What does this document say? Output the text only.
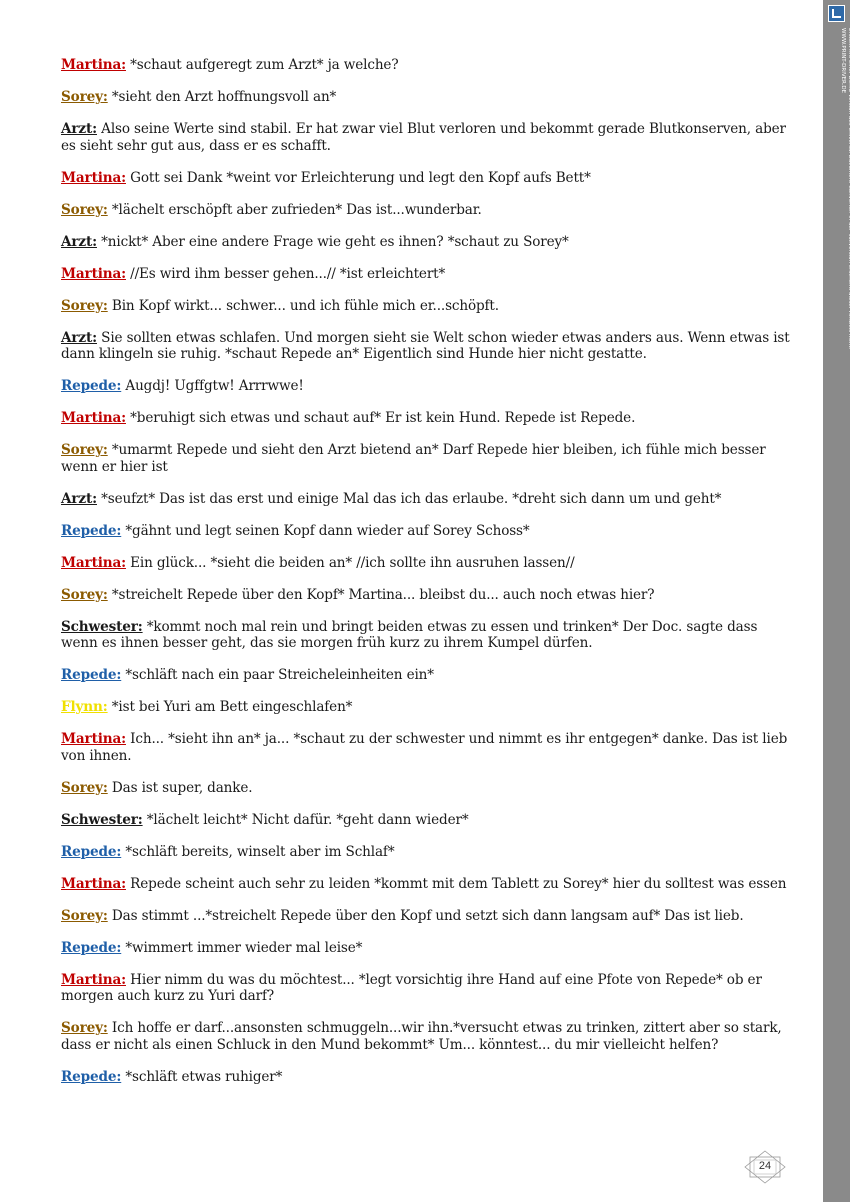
Martina: *schaut aufgeregt zum Arzt* ja welche?
Sorey: *sieht den Arzt hoffnungsvoll an*
Arzt: Also seine Werte sind stabil. Er hat zwar viel Blut verloren und bekommt gerade Blutkonserven, aber es sieht sehr gut aus, dass er es schafft.
Martina: Gott sei Dank *weint vor Erleichterung und legt den Kopf aufs Bett*
Sorey: *lächelt erschöpft aber zufrieden* Das ist...wunderbar.
Arzt: *nickt* Aber eine andere Frage wie geht es ihnen? *schaut zu Sorey*
Martina: //Es wird ihm besser gehen...// *ist erleichtert*
Sorey: Bin Kopf wirkt... schwer... und ich fühle mich er...schöpft.
Arzt: Sie sollten etwas schlafen. Und morgen sieht sie Welt schon wieder etwas anders aus. Wenn etwas ist dann klingeln sie ruhig. *schaut Repede an* Eigentlich sind Hunde hier nicht gestatte.
Repede: Augdj! Ugffgtw! Arrrwwe!
Martina: *beruhigt sich etwas und schaut auf* Er ist kein Hund. Repede ist Repede.
Sorey: *umarmt Repede und sieht den Arzt bietend an* Darf Repede hier bleiben, ich fühle mich besser wenn er hier ist
Arzt: *seufzt* Das ist das erst und einige Mal das ich das erlaube. *dreht sich dann um und geht*
Repede: *gähnt und legt seinen Kopf dann wieder auf Sorey Schoss*
Martina: Ein glück... *sieht die beiden an* //ich sollte ihn ausruhen lassen//
Sorey: *streichelt Repede über den Kopf* Martina... bleibst du... auch noch etwas hier?
Schwester: *kommt noch mal rein und bringt beiden etwas zu essen und trinken* Der Doc. sagte dass wenn es ihnen besser geht, das sie morgen früh kurz zu ihrem Kumpel dürfen.
Repede: *schläft nach ein paar Streicheleinheiten ein*
Flynn: *ist bei Yuri am Bett eingeschlafen*
Martina: Ich... *sieht ihn an* ja... *schaut zu der schwester und nimmt es ihr entgegen* danke. Das ist lieb von ihnen.
Sorey: Das ist super, danke.
Schwester: *lächelt leicht* Nicht dafür. *geht dann wieder*
Repede: *schläft bereits, winselt aber im Schlaf*
Martina: Repede scheint auch sehr zu leiden *kommt mit dem Tablett zu Sorey* hier du solltest was essen
Sorey: Das stimmt ...*streichelt Repede über den Kopf und setzt sich dann langsam auf* Das ist lieb.
Repede: *wimmert immer wieder mal leise*
Martina: Hier nimm du was du möchtest... *legt vorsichtig ihre Hand auf eine Pfote von Repede* ob er morgen auch kurz zu Yuri darf?
Sorey: Ich hoffe er darf...ansonsten schmuggeln...wir ihn.*versucht etwas zu trinken, zittert aber so stark, dass er nicht als einen Schluck in den Mund bekommt* Um... könntest... du mir vielleicht helfen?
Repede: *schläft etwas ruhiger*
24
Erstellt mit einer Demo-Version des Universal Document Converter. In der Vollversion erscheint dieser Hinweis nicht.
WWW.PRINT-DRIVER.DE
